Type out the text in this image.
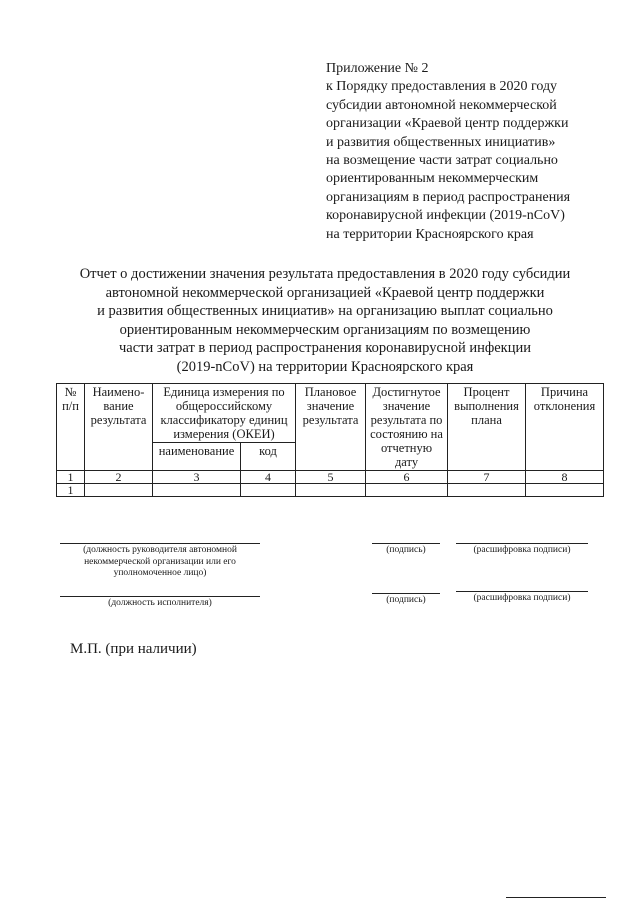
Приложение № 2
к Порядку предоставления в 2020 году
субсидии автономной некоммерческой
организации «Краевой центр поддержки
и развития общественных инициатив»
на возмещение части затрат социально
ориентированным некоммерческим
организациям в период распространения
коронавирусной инфекции (2019-nCoV)
на территории Красноярского края
Отчет о достижении значения результата предоставления в 2020 году субсидии
автономной некоммерческой организацией «Краевой центр поддержки
и развития общественных инициатив» на организацию выплат социально
ориентированным некоммерческим организациям по возмещению
части затрат в период распространения коронавирусной инфекции
(2019-nCoV) на территории Красноярского края
№ п/п	Наимено-вание результата	Единица измерения по общероссийскому классификатору единиц измерения (ОКЕИ)		Плановое значение результата	Достигнутое значение результата по состоянию на отчетную дату	Процент выполнения плана	Причина отклонения
		наименование	код				
1	2	3	4	5	6	7	8
1							
(должность руководителя автономной некоммерческой организации или его уполномоченное лицо)
(подпись)	(расшифровка подписи)
(должность исполнителя)	(подпись)	(расшифровка подписи)
М.П. (при наличии)
